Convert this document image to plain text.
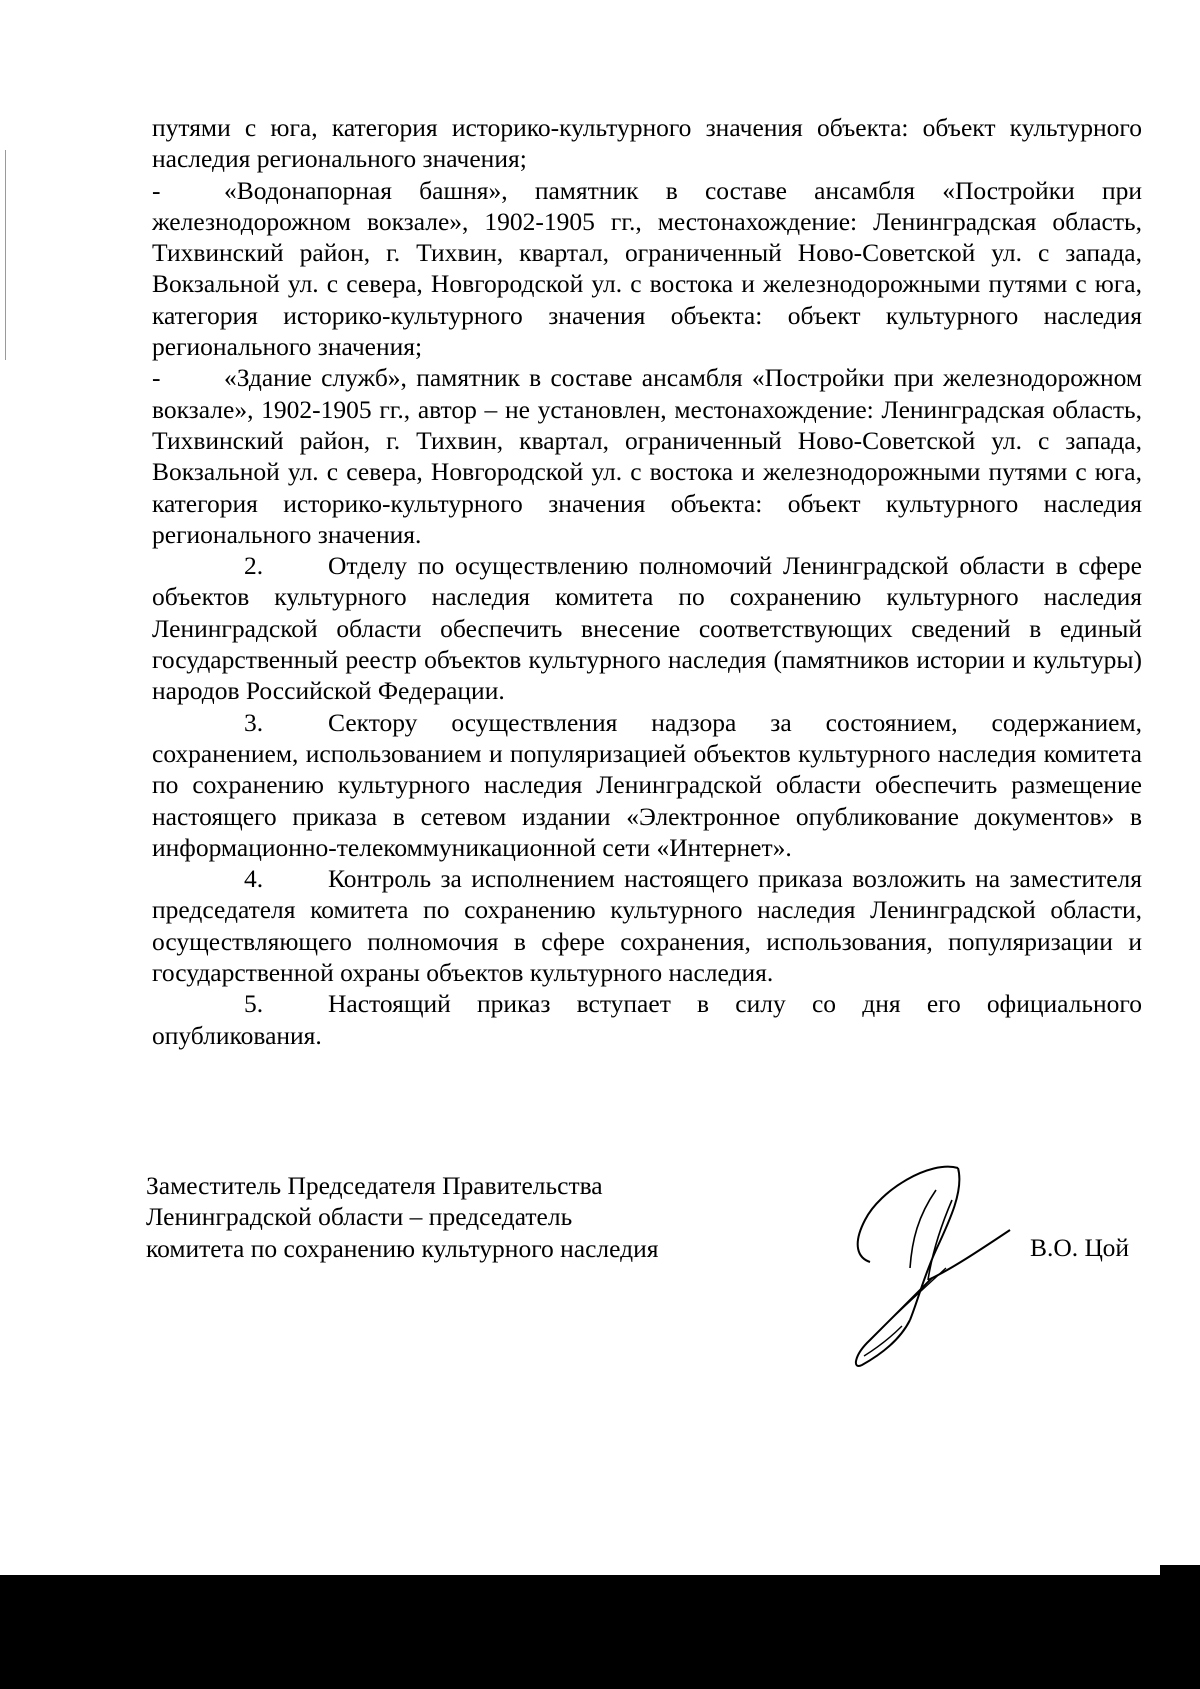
путями с юга, категория историко-культурного значения объекта: объект культурного наследия регионального значения;

- «Водонапорная башня», памятник в составе ансамбля «Постройки при железнодорожном вокзале», 1902-1905 гг., местонахождение: Ленинградская область, Тихвинский район, г. Тихвин, квартал, ограниченный Ново-Советской ул. с запада, Вокзальной ул. с севера, Новгородской ул. с востока и железнодорожными путями с юга, категория историко-культурного значения объекта: объект культурного наследия регионального значения;

- «Здание служб», памятник в составе ансамбля «Постройки при железнодорожном вокзале», 1902-1905 гг., автор – не установлен, местонахождение: Ленинградская область, Тихвинский район, г. Тихвин, квартал, ограниченный Ново-Советской ул. с запада, Вокзальной ул. с севера, Новгородской ул. с востока и железнодорожными путями с юга, категория историко-культурного значения объекта: объект культурного наследия регионального значения.

2.	Отделу по осуществлению полномочий Ленинградской области в сфере объектов культурного наследия комитета по сохранению культурного наследия Ленинградской области обеспечить внесение соответствующих сведений в единый государственный реестр объектов культурного наследия (памятников истории и культуры) народов Российской Федерации.

3.	Сектору осуществления надзора за состоянием, содержанием, сохранением, использованием и популяризацией объектов культурного наследия комитета по сохранению культурного наследия Ленинградской области обеспечить размещение настоящего приказа в сетевом издании «Электронное опубликование документов» в информационно-телекоммуникационной сети «Интернет».

4.	Контроль за исполнением настоящего приказа возложить на заместителя председателя комитета по сохранению культурного наследия Ленинградской области, осуществляющего полномочия в сфере сохранения, использования, популяризации и государственной охраны объектов культурного наследия.

5.	Настоящий приказ вступает в силу со дня его официального опубликования.

Заместитель Председателя Правительства
Ленинградской области – председатель
комитета по сохранению культурного наследия	В.О. Цой
